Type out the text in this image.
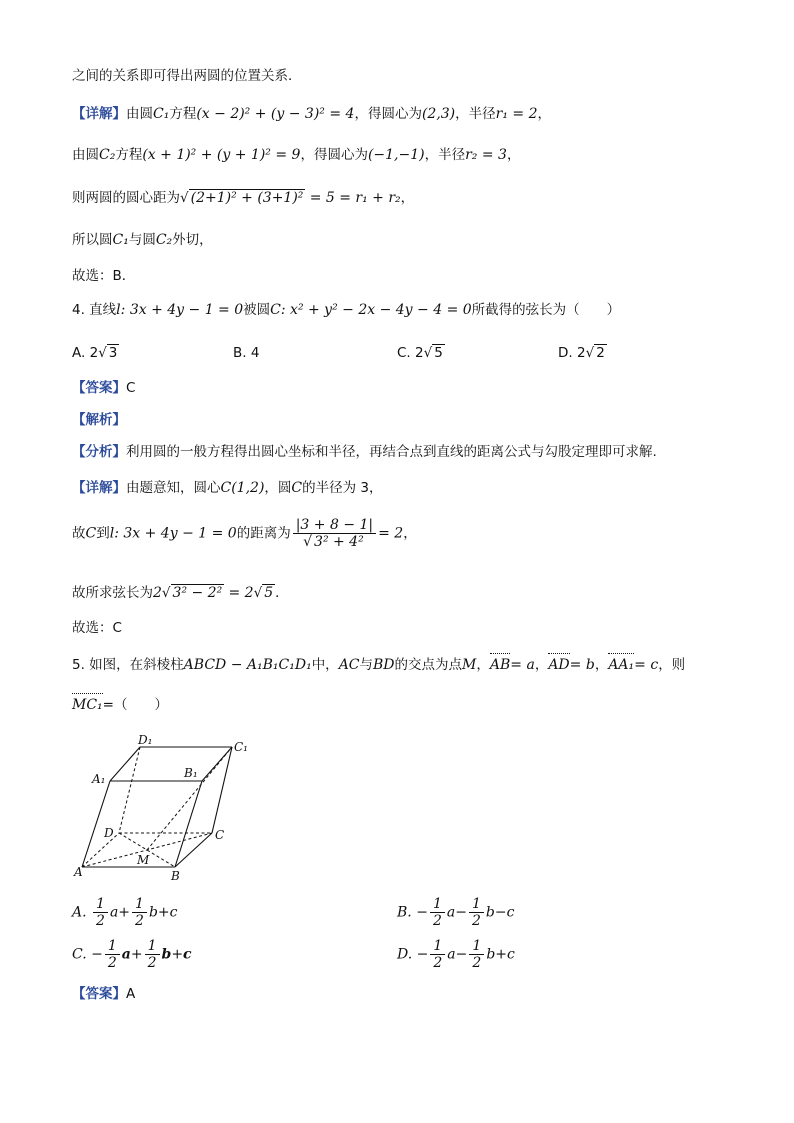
之间的关系即可得出两圆的位置关系．
【详解】由圆C₁方程(x − 2)² + (y − 3)² = 4，得圆心为(2,3)，半径r₁ = 2，
由圆C₂方程(x + 1)² + (y + 1)² = 9，得圆心为(−1,−1)，半径r₂ = 3，
则两圆的圆心距为√ (2+1)² + (3+1)² = 5 = r₁ + r₂，
所以圆C₁与圆C₂外切，
故选：B．
4. 直线l: 3x + 4y − 1 = 0被圆C: x² + y² − 2x − 4y − 4 = 0所截得的弦长为（　　）
A. 2√ 3	B. 4	C. 2√ 5	D. 2√ 2
【答案】C
【解析】
【分析】利用圆的一般方程得出圆心坐标和半径，再结合点到直线的距离公式与勾股定理即可求解.
【详解】由题意知，圆心C(1,2)，圆C的半径为 3，
故C到l: 3x + 4y − 1 = 0的距离为 $\frac{|3 + 8 - 1|}{\text{√ 3² + 4²}} = 2$，
故所求弦长为2√ 3² − 2² = 2√ 5 ．
故选：C
5. 如图，在斜棱柱ABCD − A₁B₁C₁D₁中，AC与BD的交点为点M，AB= a，AD= b，AA₁= c，则
MC₁=（　　）
D₁	C₁
A₁	B₁
D	C
M
A	B
A. $\frac{1}{2} a+ \frac{1}{2} b+c$	B. − $\frac{1}{2} a- \frac{1}{2} b-c$
C. − $\frac{1}{2} a+ \frac{1}{2} b+c$	D. − $\frac{1}{2} a- \frac{1}{2} b+c$
【答案】A
